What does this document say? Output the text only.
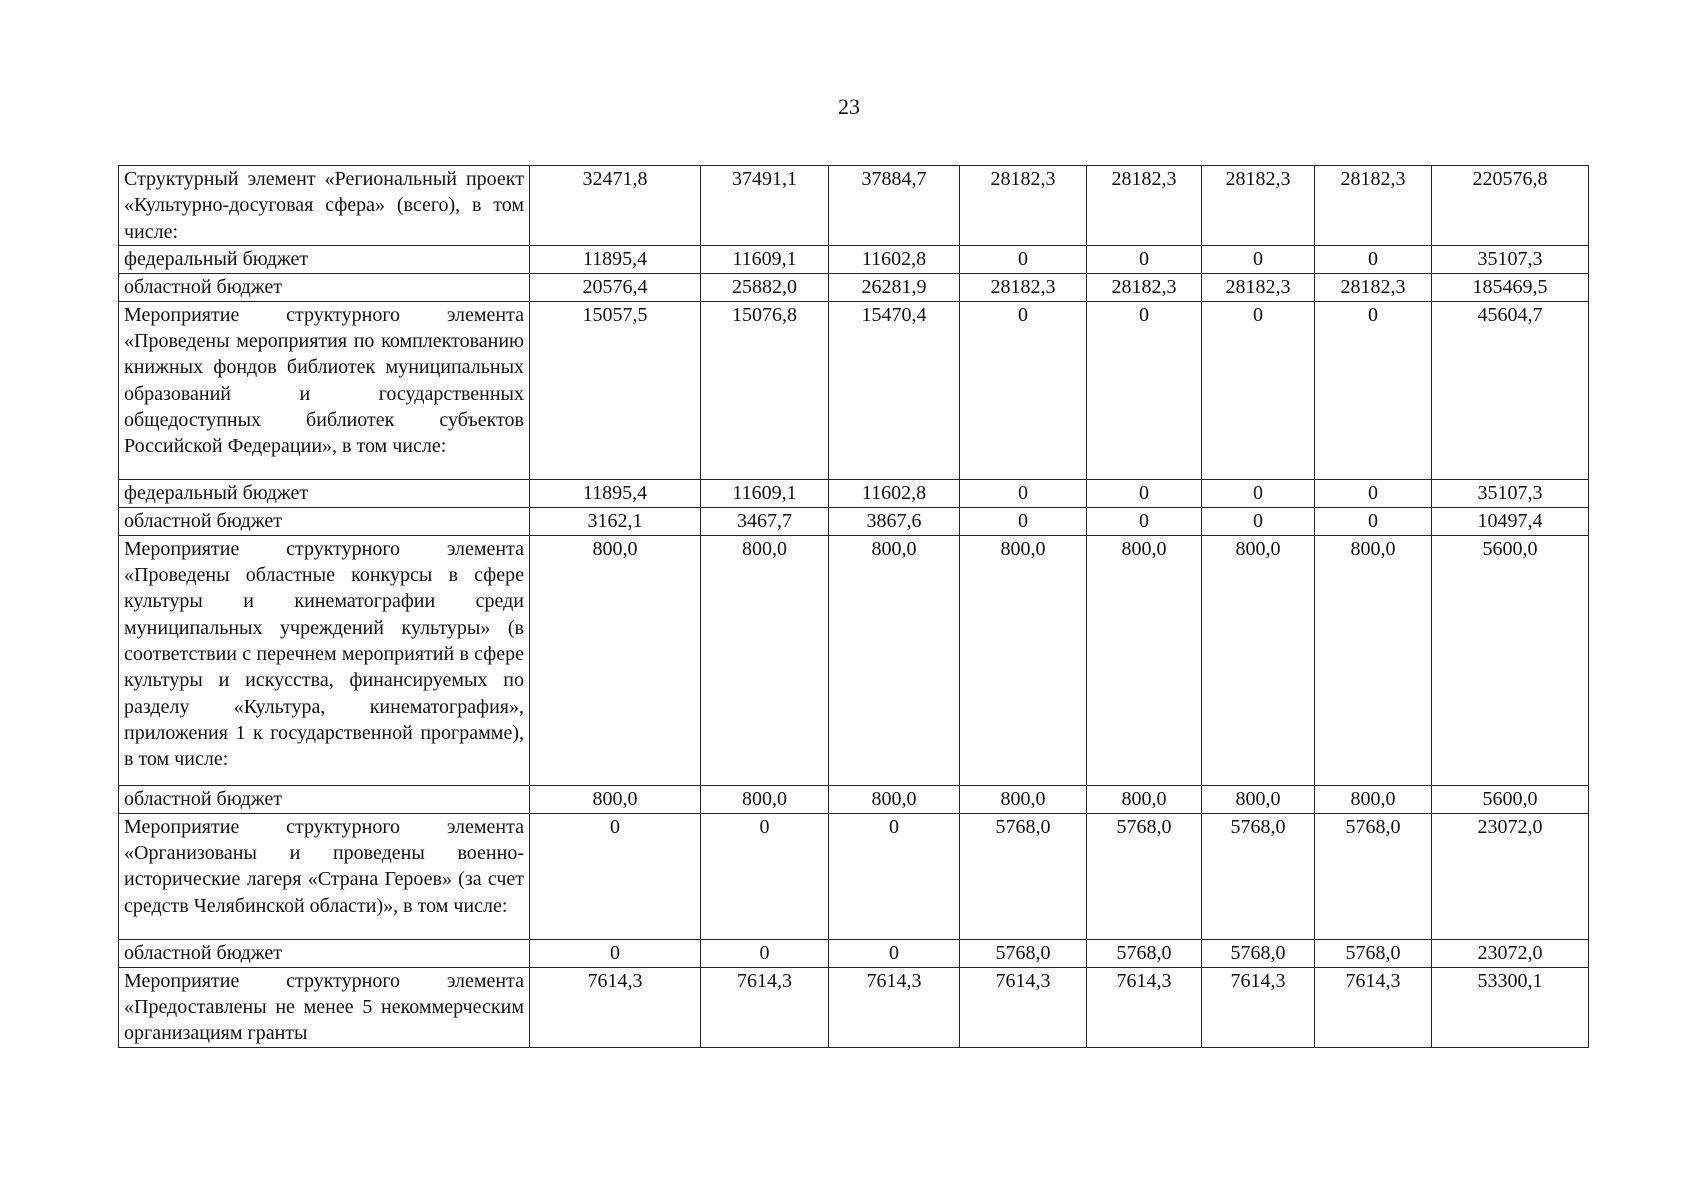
23
Структурный элемент «Региональный проект «Культурно-досуговая сфера» (всего), в том числе:	32471,8	37491,1	37884,7	28182,3	28182,3	28182,3	28182,3	220576,8
федеральный бюджет	11895,4	11609,1	11602,8	0	0	0	0	35107,3
областной бюджет	20576,4	25882,0	26281,9	28182,3	28182,3	28182,3	28182,3	185469,5
Мероприятие структурного элемента «Проведены мероприятия по комплектованию книжных фондов библиотек муниципальных образований и государственных общедоступных библиотек субъектов Российской Федерации», в том числе:	15057,5	15076,8	15470,4	0	0	0	0	45604,7
федеральный бюджет	11895,4	11609,1	11602,8	0	0	0	0	35107,3
областной бюджет	3162,1	3467,7	3867,6	0	0	0	0	10497,4
Мероприятие структурного элемента «Проведены областные конкурсы в сфере культуры и кинематографии среди муниципальных учреждений культуры» (в соответствии с перечнем мероприятий в сфере культуры и искусства, финансируемых по разделу «Культура, кинематография», приложения 1 к государственной программе), в том числе:	800,0	800,0	800,0	800,0	800,0	800,0	800,0	5600,0
областной бюджет	800,0	800,0	800,0	800,0	800,0	800,0	800,0	5600,0
Мероприятие структурного элемента «Организованы и проведены военно-исторические лагеря «Страна Героев» (за счет средств Челябинской области)», в том числе:	0	0	0	5768,0	5768,0	5768,0	5768,0	23072,0
областной бюджет	0	0	0	5768,0	5768,0	5768,0	5768,0	23072,0
Мероприятие структурного элемента «Предоставлены не менее 5 некоммерческим организациям гранты	7614,3	7614,3	7614,3	7614,3	7614,3	7614,3	7614,3	53300,1
